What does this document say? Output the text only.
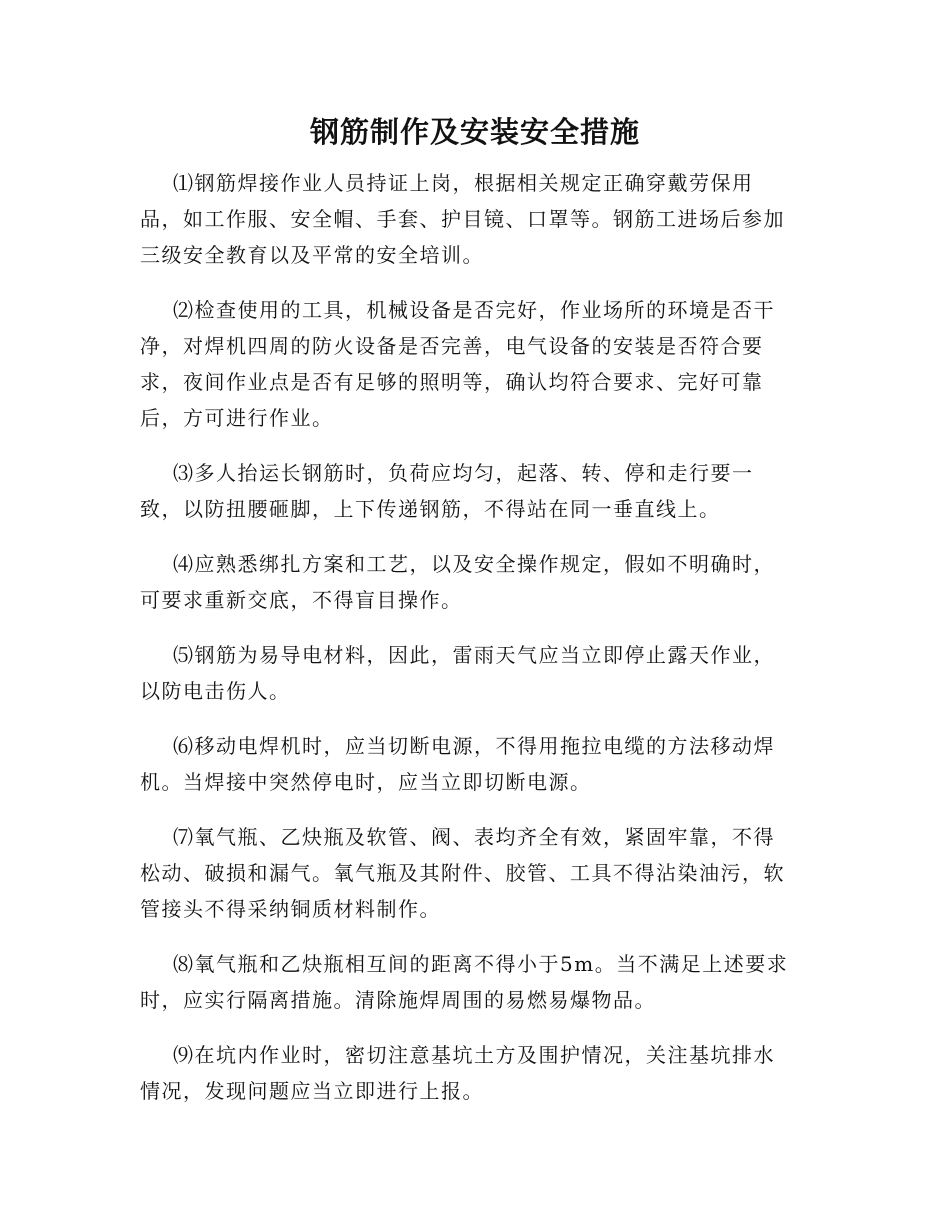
钢筋制作及安装安全措施

⑴钢筋焊接作业人员持证上岗，根据相关规定正确穿戴劳保用
品，如工作服、安全帽、手套、护目镜、口罩等。钢筋工进场后参加
三级安全教育以及平常的安全培训。

⑵检查使用的工具，机械设备是否完好，作业场所的环境是否干
净，对焊机四周的防火设备是否完善，电气设备的安装是否符合要
求，夜间作业点是否有足够的照明等，确认均符合要求、完好可靠
后，方可进行作业。

⑶多人抬运长钢筋时，负荷应均匀，起落、转、停和走行要一
致，以防扭腰砸脚，上下传递钢筋，不得站在同一垂直线上。

⑷应熟悉绑扎方案和工艺，以及安全操作规定，假如不明确时，
可要求重新交底，不得盲目操作。

⑸钢筋为易导电材料，因此，雷雨天气应当立即停止露天作业，
以防电击伤人。

⑹移动电焊机时，应当切断电源，不得用拖拉电缆的方法移动焊
机。当焊接中突然停电时，应当立即切断电源。

⑺氧气瓶、乙炔瓶及软管、阀、表均齐全有效，紧固牢靠，不得
松动、破损和漏气。氧气瓶及其附件、胶管、工具不得沾染油污，软
管接头不得采纳铜质材料制作。

⑻氧气瓶和乙炔瓶相互间的距离不得小于5m。当不满足上述要求
时，应实行隔离措施。清除施焊周围的易燃易爆物品。

⑼在坑内作业时，密切注意基坑土方及围护情况，关注基坑排水
情况，发现问题应当立即进行上报。
